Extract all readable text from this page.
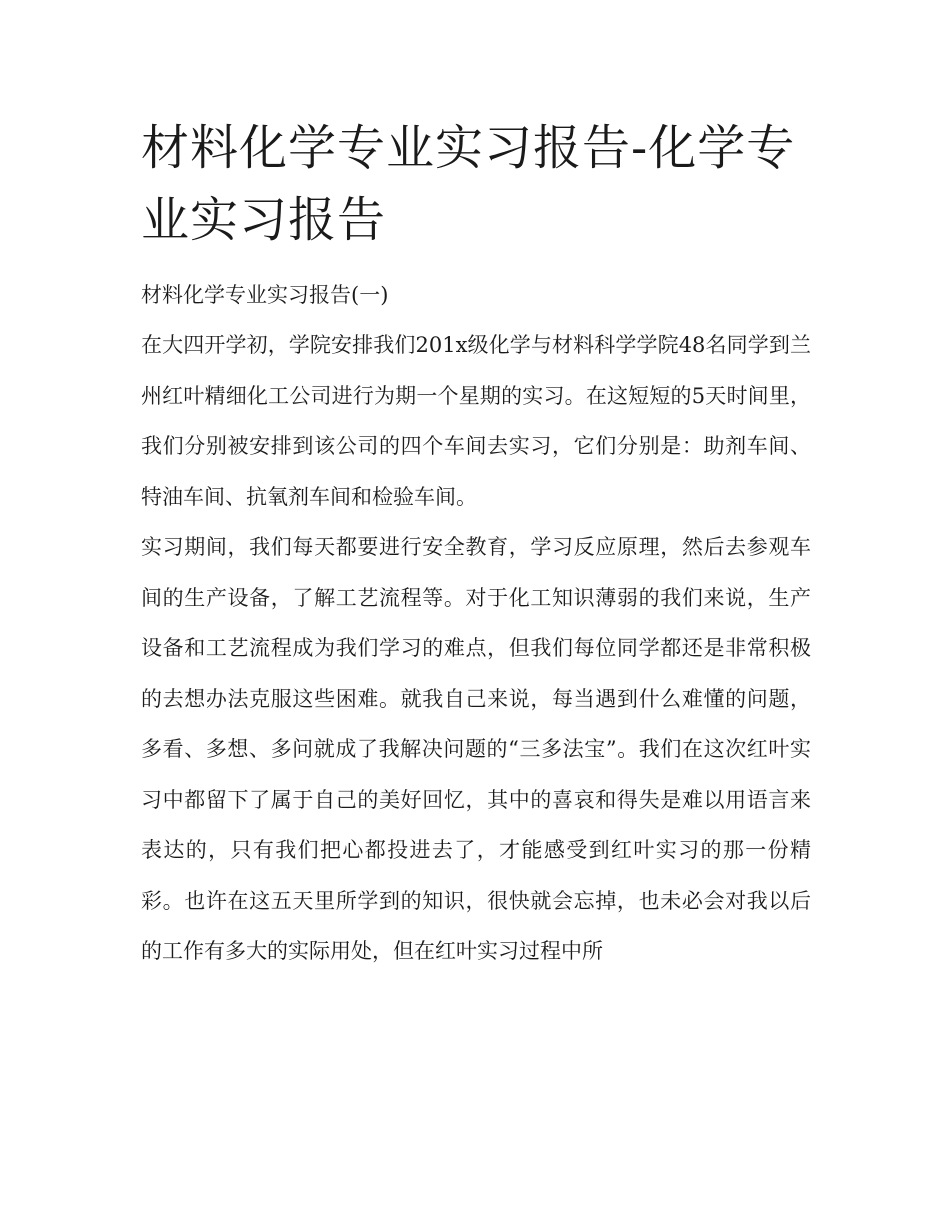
材料化学专业实习报告-化学专业实习报告

材料化学专业实习报告(一)

在大四开学初，学院安排我们201x级化学与材料科学学院48名同学到兰州红叶精细化工公司进行为期一个星期的实习。在这短短的5天时间里，我们分别被安排到该公司的四个车间去实习，它们分别是：助剂车间、特油车间、抗氧剂车间和检验车间。

实习期间，我们每天都要进行安全教育，学习反应原理，然后去参观车间的生产设备，了解工艺流程等。对于化工知识薄弱的我们来说，生产设备和工艺流程成为我们学习的难点，但我们每位同学都还是非常积极的去想办法克服这些困难。就我自己来说，每当遇到什么难懂的问题，多看、多想、多问就成了我解决问题的“三多法宝”。我们在这次红叶实习中都留下了属于自己的美好回忆，其中的喜哀和得失是难以用语言来表达的，只有我们把心都投进去了，才能感受到红叶实习的那一份精彩。也许在这五天里所学到的知识，很快就会忘掉，也未必会对我以后的工作有多大的实际用处，但在红叶实习过程中所
